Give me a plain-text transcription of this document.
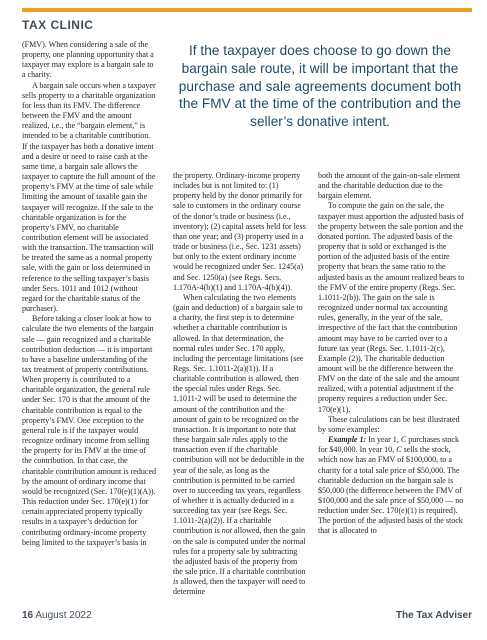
TAX CLINIC

(FMV). When considering a sale of the property, one planning opportunity that a taxpayer may explore is a bargain sale to a charity.

A bargain sale occurs when a taxpayer sells property to a charitable organization for less than its FMV. The difference between the FMV and the amount realized, i.e., the “bargain element,” is intended to be a charitable contribution. If the taxpayer has both a donative intent and a desire or need to raise cash at the same time, a bargain sale allows the taxpayer to capture the full amount of the property’s FMV at the time of sale while limiting the amount of taxable gain the taxpayer will recognize. If the sale to the charitable organization is for the property’s FMV, no charitable contribution element will be associated with the transaction. The transaction will be treated the same as a normal property sale, with the gain or loss determined in reference to the selling taxpayer’s basis under Secs. 1011 and 1012 (without regard for the charitable status of the purchaser).

Before taking a closer look at how to calculate the two elements of the bargain sale — gain recognized and a charitable contribution deduction — it is important to have a baseline understanding of the tax treatment of property contributions. When property is contributed to a charitable organization, the general rule under Sec. 170 is that the amount of the charitable contribution is equal to the property’s FMV. One exception to the general rule is if the taxpayer would recognize ordinary income from selling the property for its FMV at the time of the contribution. In that case, the charitable contribution amount is reduced by the amount of ordinary income that would be recognized (Sec. 170(e)(1)(A)). This reduction under Sec. 170(e)(1) for certain appreciated property typically results in a taxpayer’s deduction for contributing ordinary-income property being limited to the taxpayer’s basis in

If the taxpayer does choose to go down the bargain sale route, it will be important that the purchase and sale agreements document both the FMV at the time of the contribution and the seller’s donative intent.

the property. Ordinary-income property includes but is not limited to: (1) property held by the donor primarily for sale to customers in the ordinary course of the donor’s trade or business (i.e., inventory); (2) capital assets held for less than one year; and (3) property used in a trade or business (i.e., Sec. 1231 assets) but only to the extent ordinary income would be recognized under Sec. 1245(a) and Sec. 1250(a) (see Regs. Secs. 1.170A-4(b)(1) and 1.170A-4(b)(4)).

When calculating the two elements (gain and deduction) of a bargain sale to a charity, the first step is to determine whether a charitable contribution is allowed. In that determination, the normal rules under Sec. 170 apply, including the percentage limitations (see Regs. Sec. 1.1011-2(a)(1)). If a charitable contribution is allowed, then the special rules under Regs. Sec. 1.1011-2 will be used to determine the amount of the contribution and the amount of gain to be recognized on the transaction. It is important to note that these bargain sale rules apply to the transaction even if the charitable contribution will not be deductible in the year of the sale, as long as the contribution is permitted to be carried over to succeeding tax years, regardless of whether it is actually deducted in a succeeding tax year (see Regs. Sec. 1.1011-2(a)(2)). If a charitable contribution is not allowed, then the gain on the sale is computed under the normal rules for a property sale by subtracting the adjusted basis of the property from the sale price. If a charitable contribution is allowed, then the taxpayer will need to determine

both the amount of the gain-on-sale element and the charitable deduction due to the bargain element.

To compute the gain on the sale, the taxpayer must apportion the adjusted basis of the property between the sale portion and the donated portion. The adjusted basis of the property that is sold or exchanged is the portion of the adjusted basis of the entire property that bears the same ratio to the adjusted basis as the amount realized bears to the FMV of the entire property (Regs. Sec. 1.1011-2(b)). The gain on the sale is recognized under normal tax accounting rules, generally, in the year of the sale, irrespective of the fact that the contribution amount may have to be carried over to a future tax year (Regs. Sec. 1.1011-2(c), Example (2)). The charitable deduction amount will be the difference between the FMV on the date of the sale and the amount realized, with a potential adjustment if the property requires a reduction under Sec. 170(e)(1).

These calculations can be best illustrated by some examples:

Example 1: In year 1, C purchases stock for $40,000. In year 10, C sells the stock, which now has an FMV of $100,000, to a charity for a total sale price of $50,000. The charitable deduction on the bargain sale is $50,000 (the difference between the FMV of $100,000 and the sale price of $50,000 — no reduction under Sec. 170(e)(1) is required). The portion of the adjusted basis of the stock that is allocated to

16 August 2022	The Tax Adviser
